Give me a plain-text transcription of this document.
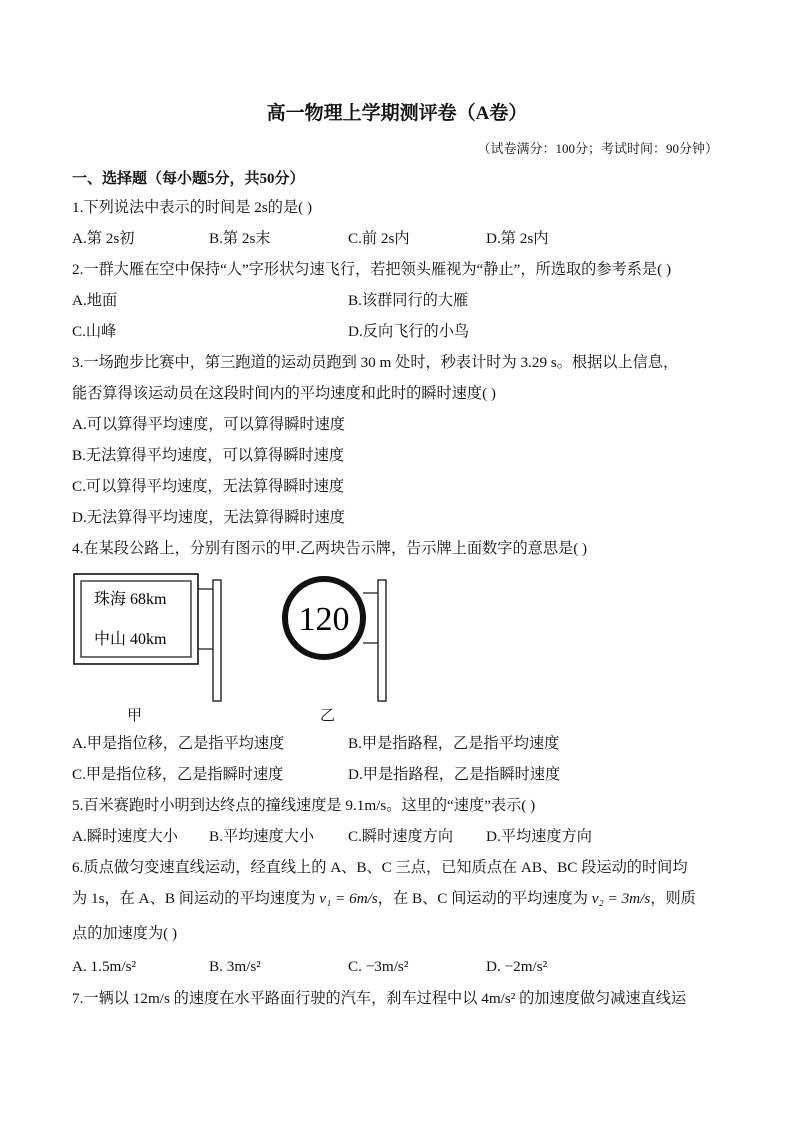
高一物理上学期测评卷（A卷）
（试卷满分：100分；考试时间：90分钟）
一、选择题（每小题5分，共50分）
1.下列说法中表示的时间是 2s的是( )
A.第 2s初	B.第 2s末	C.前 2s内	D.第 2s内
2.一群大雁在空中保持“人”字形状匀速飞行，若把领头雁视为“静止”，所选取的参考系是( )
A.地面	B.该群同行的大雁
C.山峰	D.反向飞行的小鸟
3.一场跑步比赛中，第三跑道的运动员跑到 30 m 处时，秒表计时为 3.29 s。根据以上信息，
能否算得该运动员在这段时间内的平均速度和此时的瞬时速度( )
A.可以算得平均速度，可以算得瞬时速度
B.无法算得平均速度，可以算得瞬时速度
C.可以算得平均速度，无法算得瞬时速度
D.无法算得平均速度，无法算得瞬时速度
4.在某段公路上，分别有图示的甲.乙两块告示牌，告示牌上面数字的意思是( )
珠海 68km
中山 40km
120
甲	乙
A.甲是指位移，乙是指平均速度	B.甲是指路程，乙是指平均速度
C.甲是指位移，乙是指瞬时速度	D.甲是指路程，乙是指瞬时速度
5.百米赛跑时小明到达终点的撞线速度是 9.1m/s。这里的“速度”表示( )
A.瞬时速度大小 B.平均速度大小 C.瞬时速度方向 D.平均速度方向
6.质点做匀变速直线运动，经直线上的 A、B、C 三点，已知质点在 AB、BC 段运动的时间均
为 1s，在 A、B 间运动的平均速度为 v₁ = 6m/s，在 B、C 间运动的平均速度为 v₂ = 3m/s，则质
点的加速度为( )
A. 1.5m/s²	B. 3m/s²	C. −3m/s²	D. −2m/s²
7.一辆以 12m/s 的速度在水平路面行驶的汽车，刹车过程中以 4m/s² 的加速度做匀减速直线运
